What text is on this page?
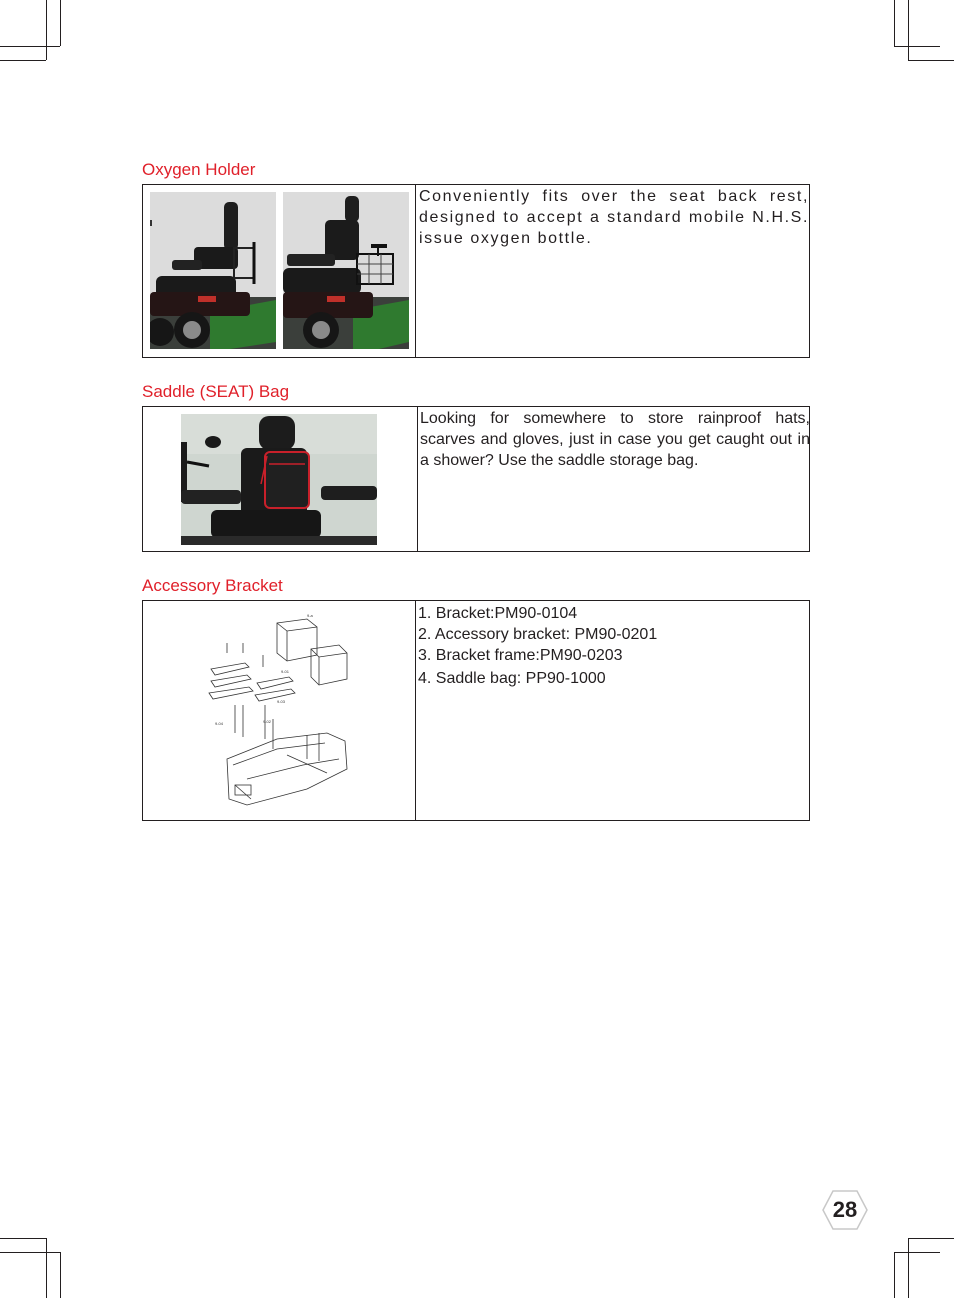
Oxygen Holder
Conveniently fits over the seat back rest, designed to accept a standard mobile N.H.S. issue oxygen bottle.
Saddle (SEAT) Bag
Looking for somewhere to store rainproof hats, scarves and gloves, just in case you get caught out in a shower? Use the saddle storage bag.
Accessory Bracket
9-a
9-01
9-03
9-02
9-04
1. Bracket:PM90-0104
2. Accessory bracket: PM90-0201
3. Bracket frame:PM90-0203
4. Saddle bag: PP90-1000
28
